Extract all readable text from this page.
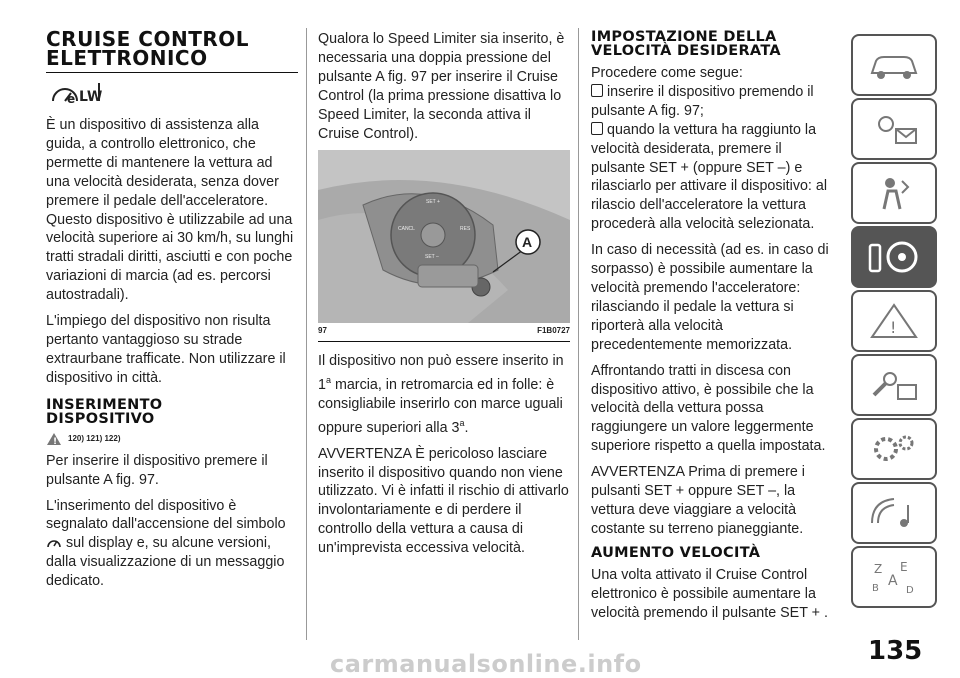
CRUISE CONTROL
ELETTRONICO
e LW

È un dispositivo di assistenza alla guida, a controllo elettronico, che permette di mantenere la vettura ad una velocità desiderata, senza dover premere il pedale dell'acceleratore. Questo dispositivo è utilizzabile ad una velocità superiore ai 30 km/h, su lunghi tratti stradali diritti, asciutti e con poche variazioni di marcia (ad es. percorsi autostradali).

L'impiego del dispositivo non risulta pertanto vantaggioso su strade extraurbane trafficate. Non utilizzare il dispositivo in città.

INSERIMENTO
DISPOSITIVO
! 120) 121) 122)

Per inserire il dispositivo premere il pulsante A fig. 97.

L'inserimento del dispositivo è segnalato dall'accensione del simbolo

sul display e, su alcune versioni, dalla visualizzazione di un messaggio dedicato.

Qualora lo Speed Limiter sia inserito, è necessaria una doppia pressione del pulsante A fig. 97 per inserire il Cruise Control (la prima pressione disattiva lo Speed Limiter, la seconda attiva il Cruise Control).

SET +
CANCL	RES
SET –
A
97	F1B0727

Il dispositivo non può essere inserito in 1$^a$ marcia, in retromarcia ed in folle: è consigliabile inserirlo con marce uguali oppure superiori alla 3$^a$.

AVVERTENZA È pericoloso lasciare inserito il dispositivo quando non viene utilizzato. Vi è infatti il rischio di attivarlo involontariamente e di perdere il controllo della vettura a causa di un'imprevista eccessiva velocità.

IMPOSTAZIONE DELLA
VELOCITÀ DESIDERATA

Procedere come segue:

inserire il dispositivo premendo il pulsante A fig. 97;

quando la vettura ha raggiunto la velocità desiderata, premere il pulsante SET + (oppure SET –) e rilasciarlo per attivare il dispositivo: al rilascio dell'acceleratore la vettura procederà alla velocità selezionata.

In caso di necessità (ad es. in caso di sorpasso) è possibile aumentare la velocità premendo l'acceleratore: rilasciando il pedale la vettura si riporterà alla velocità precedentemente memorizzata.

Affrontando tratti in discesa con dispositivo attivo, è possibile che la velocità della vettura possa raggiungere un valore leggermente superiore rispetto a quella impostata.

AVVERTENZA Prima di premere i pulsanti SET + oppure SET –, la vettura deve viaggiare a velocità costante su terreno pianeggiante.

AUMENTO VELOCITÀ

Una volta attivato il Cruise Control elettronico è possibile aumentare la velocità premendo il pulsante SET + .

!
Z E
A
B	D
135
carmanualsonline.info
